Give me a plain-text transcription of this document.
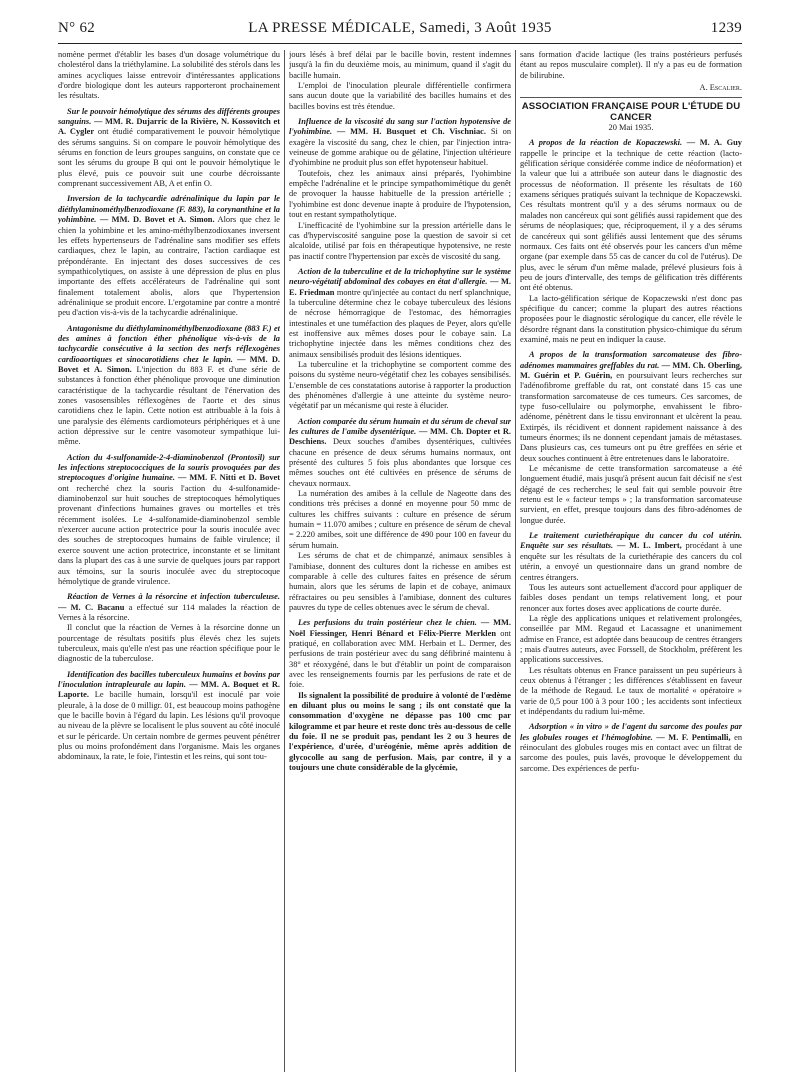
N° 62	LA PRESSE MÉDICALE, Samedi, 3 Août 1935	1239

nomène permet d'établir les bases d'un dosage volumétrique du cholestérol dans la triéthylamine. La solubilité des stérols dans les amines acycliques laisse entrevoir d'intéressantes applications d'ordre biologique dont les auteurs rapporteront prochainement les résultats.

Sur le pouvoir hémolytique des sérums des différents groupes sanguins. — MM. R. Dujarric de la Rivière, N. Kossovitch et A. Cygler ont étudié comparativement le pouvoir hémolytique des sérums sanguins. Si on compare le pouvoir hémolytique des sérums en fonction de leurs groupes sanguins, on constate que ce sont les sérums du groupe B qui ont le pouvoir hémolytique le plus élevé, puis ce pouvoir suit une courbe décroissante comprenant successivement AB, A et enfin O.

Inversion de la tachycardie adrénalinique du lapin par le diéthylaminométhylbenzodioxane (F. 883), la corynanthine et la yohimbine. — MM. D. Bovet et A. Simon. Alors que chez le chien la yohimbine et les amino-méthylbenzodioxanes inversent les effets hypertenseurs de l'adrénaline sans modifier ses effets cardiaques, chez le lapin, au contraire, l'action cardiaque est prépondérante. En injectant des doses successives de ces sympathicolytiques, on assiste à une dépression de plus en plus importante des effets accélérateurs de l'adrénaline qui sont finalement totalement abolis, alors que l'hypertension adrénalinique se produit encore. L'ergotamine par contre a montré peu d'action vis-à-vis de la tachycardie adrénalinique.

Antagonisme du diéthylaminométhylbenzodioxane (883 F.) et des amines à fonction éther phénolique vis-à-vis de la tachycardie consécutive à la section des nerfs réflexogènes cardioaortiques et sinocarotidiens chez le lapin. — MM. D. Bovet et A. Simon. L'injection du 883 F. et d'une série de substances à fonction éther phénolique provoque une diminution caractéristique de la tachycardie résultant de l'énervation des zones vasosensibles réflexogènes de l'aorte et des sinus carotidiens chez le lapin. Cette notion est attribuable à la fois à une paralysie des éléments cardiomoteurs périphériques et à une action dépressive sur le centre vasomoteur sympathique lui-même.

Action du 4-sulfonamide-2-4-diaminobenzol (Prontosil) sur les infections streptococciques de la souris provoquées par des streptocoques d'origine humaine. — MM. F. Nitti et D. Bovet ont recherché chez la souris l'action du 4-sulfonamide-diaminobenzol sur huit souches de streptocoques hémolytiques provenant d'infections humaines graves ou mortelles et très récemment isolées. Le 4-sulfonamide-diaminobenzol semble n'exercer aucune action protectrice pour la souris inoculée avec des souches de streptocoques humains de faible virulence; il exerce souvent une action protectrice, inconstante et se limitant dans la plupart des cas à une survie de quelques jours par rapport aux témoins, sur la souris inoculée avec du streptocoque hémolytique de grande virulence.

Réaction de Vernes à la résorcine et infection tuberculeuse. — M. C. Bacanu a effectué sur 114 malades la réaction de Vernes à la résorcine.

Il conclut que la réaction de Vernes à la résorcine donne un pourcentage de résultats positifs plus élevés chez les sujets tuberculeux, mais qu'elle n'est pas une réaction spécifique pour le diagnostic de la tuberculose.

Identification des bacilles tuberculeux humains et bovins par l'inoculation intrapleurale au lapin. — MM. A. Boquet et R. Laporte. Le bacille humain, lorsqu'il est inoculé par voie pleurale, à la dose de 0 milligr. 01, est beaucoup moins pathogène que le bacille bovin à l'égard du lapin. Les lésions qu'il provoque au niveau de la plèvre se localisent le plus souvent au côté inoculé et sur le péricarde. Un certain nombre de germes peuvent pénétrer plus ou moins profondément dans l'organisme. Mais les organes abdominaux, la rate, le foie, l'intestin et les reins, qui sont tou-

jours lésés à bref délai par le bacille bovin, restent indemnes jusqu'à la fin du deuxième mois, au minimum, quand il s'agit du bacille humain.

L'emploi de l'inoculation pleurale différentielle confirmera sans aucun doute que la variabilité des bacilles humains et des bacilles bovins est très étendue.

Influence de la viscosité du sang sur l'action hypotensive de l'yohimbine. — MM. H. Busquet et Ch. Vischniac. Si on exagère la viscosité du sang, chez le chien, par l'injection intra-veineuse de gomme arabique ou de gélatine, l'injection ultérieure d'yohimbine ne produit plus son effet hypotenseur habituel.

Toutefois, chez les animaux ainsi préparés, l'yohimbine empêche l'adrénaline et le principe sympathomimétique du genêt de provoquer la hausse habituelle de la pression artérielle ; l'yohimbine est donc devenue inapte à produire de l'hypotension, tout en restant sympatholytique.

L'inefficacité de l'yohimbine sur la pression artérielle dans le cas d'hyperviscosité sanguine pose la question de savoir si cet alcaloïde, utilisé par fois en thérapeutique hypotensive, ne reste pas inactif contre l'hypertension par excès de viscosité du sang.

Action de la tuberculine et de la trichophytine sur le système neuro-végétatif abdominal des cobayes en état d'allergie. — M. E. Friedman montre qu'injectée au contact du nerf splanchnique, la tuberculine détermine chez le cobaye tuberculeux des lésions de nécrose hémorragique de l'estomac, des hémorragies intestinales et une tuméfaction des plaques de Peyer, alors qu'elle est inoffensive aux mêmes doses pour le cobaye sain. La trichophytine injectée dans les mêmes conditions chez des animaux sensibilisés produit des lésions identiques.

La tuberculine et la trichophytine se comportent comme des poisons du système neuro-végétatif chez les cobayes sensibilisés. L'ensemble de ces constatations autorise à rapporter la production des phénomènes d'allergie à une atteinte du système neuro-végétatif par un mécanisme qui reste à élucider.

Action comparée du sérum humain et du sérum de cheval sur les cultures de l'amibe dysentérique. — MM. Ch. Dopter et R. Deschiens. Deux souches d'amibes dysentériques, cultivées chacune en présence de deux sérums humains normaux, ont présenté des cultures 5 fois plus abondantes que lorsque ces mêmes souches ont été cultivées en présence de sérums de chevaux normaux.

La numération des amibes à la cellule de Nageotte dans des conditions très précises a donné en moyenne pour 50 mmc de cultures les chiffres suivants : culture en présence de sérum humain = 11.070 amibes ; culture en présence de sérum de cheval = 2.220 amibes, soit une différence de 490 pour 100 en faveur du sérum humain.

Les sérums de chat et de chimpanzé, animaux sensibles à l'amibiase, donnent des cultures dont la richesse en amibes est comparable à celle des cultures faites en présence de sérum humain, alors que les sérums de lapin et de cobaye, animaux réfractaires ou peu sensibles à l'amibiase, donnent des cultures pauvres du type de celles obtenues avec le sérum de cheval.

Les perfusions du train postérieur chez le chien. — MM. Noël Fiessinger, Henri Bénard et Félix-Pierre Merklen ont pratiqué, en collaboration avec MM. Herbain et L. Dermer, des perfusions de train postérieur avec du sang défibriné maintenu à 38° et réoxygéné, dans le but d'établir un point de comparaison avec les renseignements fournis par les perfusions de rate et de foie.

Ils signalent la possibilité de produire à volonté de l'œdème en diluant plus ou moins le sang ; ils ont constaté que la consommation d'oxygène ne dépasse pas 100 cmc par kilogramme et par heure et reste donc très au-dessous de celle du foie. Il ne se produit pas, pendant les 2 ou 3 heures de l'expérience, d'urée, d'uréogénie, même après addition de glycocolle au sang de perfusion. Mais, par contre, il y a toujours une chute considérable de la glycémie,

sans formation d'acide lactique (les trains postérieurs perfusés étant au repos musculaire complet). Il n'y a pas eu de formation de bilirubine.

A. Escalier.

ASSOCIATION FRANÇAISE POUR L'ÉTUDE DU CANCER

20 Mai 1935.

A propos de la réaction de Kopaczewski. — M. A. Guy rappelle le principe et la technique de cette réaction (lacto-gélification sérique considérée comme indice de néoformation) et la valeur que lui a attribuée son auteur dans le diagnostic des processus de néoformation. Il présente les résultats de 160 examens sériques pratiqués suivant la technique de Kopaczewski. Ces résultats montrent qu'il y a des sérums normaux ou de malades non cancéreux qui sont gélifiés aussi rapidement que des sérums de néoplasiques; que, réciproquement, il y a des sérums de cancéreux qui sont gélifiés aussi lentement que des sérums normaux. Ces faits ont été observés pour les cancers d'un même organe (par exemple dans 55 cas de cancer du col de l'utérus). De plus, avec le sérum d'un même malade, prélevé plusieurs fois à peu de jours d'intervalle, des temps de gélification très différents ont été obtenus.

La lacto-gélification sérique de Kopaczewski n'est donc pas spécifique du cancer; comme la plupart des autres réactions proposées pour le diagnostic sérologique du cancer, elle révèle le désordre régnant dans la constitution physico-chimique du sérum examiné, mais ne peut en indiquer la cause.

A propos de la transformation sarcomateuse des fibro-adénomes mammaires greffables du rat. — MM. Ch. Oberling, M. Guérin et P. Guérin, en poursuivant leurs recherches sur l'adénofibrome greffable du rat, ont constaté dans 15 cas une transformation sarcomateuse de ces tumeurs. Ces sarcomes, de type fuso-cellulaire ou polymorphe, envahissent le fibro-adénome, pénètrent dans le tissu environnant et ulcèrent la peau. Extirpés, ils récidivent et donnent rapidement naissance à des tumeurs énormes; ils ne donnent cependant jamais de métastases. Dans plusieurs cas, ces tumeurs ont pu être greffées en série et deux souches continuent à être entretenues dans le laboratoire.

Le mécanisme de cette transformation sarcomateuse a été longuement étudié, mais jusqu'à présent aucun fait décisif ne s'est dégagé de ces recherches; le seul fait qui semble pouvoir être retenu est le « facteur temps » ; la transformation sarcomateuse survient, en effet, presque toujours dans des fibro-adénomes de longue durée.

Le traitement curiethérapique du cancer du col utérin. Enquête sur ses résultats. — M. L. Imbert, procédant à une enquête sur les résultats de la curiethérapie des cancers du col utérin, a envoyé un questionnaire dans un grand nombre de centres étrangers.

Tous les auteurs sont actuellement d'accord pour appliquer de faibles doses pendant un temps relativement long, et pour renoncer aux fortes doses avec applications de courte durée.

La règle des applications uniques et relativement prolongées, conseillée par MM. Regaud et Lacassagne et unanimement admise en France, est adoptée dans beaucoup de centres étrangers ; mais d'autres auteurs, avec Forssell, de Stockholm, préfèrent les applications successives.

Les résultats obtenus en France paraissent un peu supérieurs à ceux obtenus à l'étranger ; les différences s'établissent en faveur de la méthode de Regaud. Le taux de mortalité « opératoire » varie de 0,5 pour 100 à 3 pour 100 ; les accidents sont infectieux et indépendants du radium lui-même.

Adsorption « in vitro » de l'agent du sarcome des poules par les globules rouges et l'hémoglobine. — M. F. Pentimalli, en réinoculant des globules rouges mis en contact avec un filtrat de sarcome des poules, puis lavés, provoque le développement du sarcome. Des expériences de perfu-
